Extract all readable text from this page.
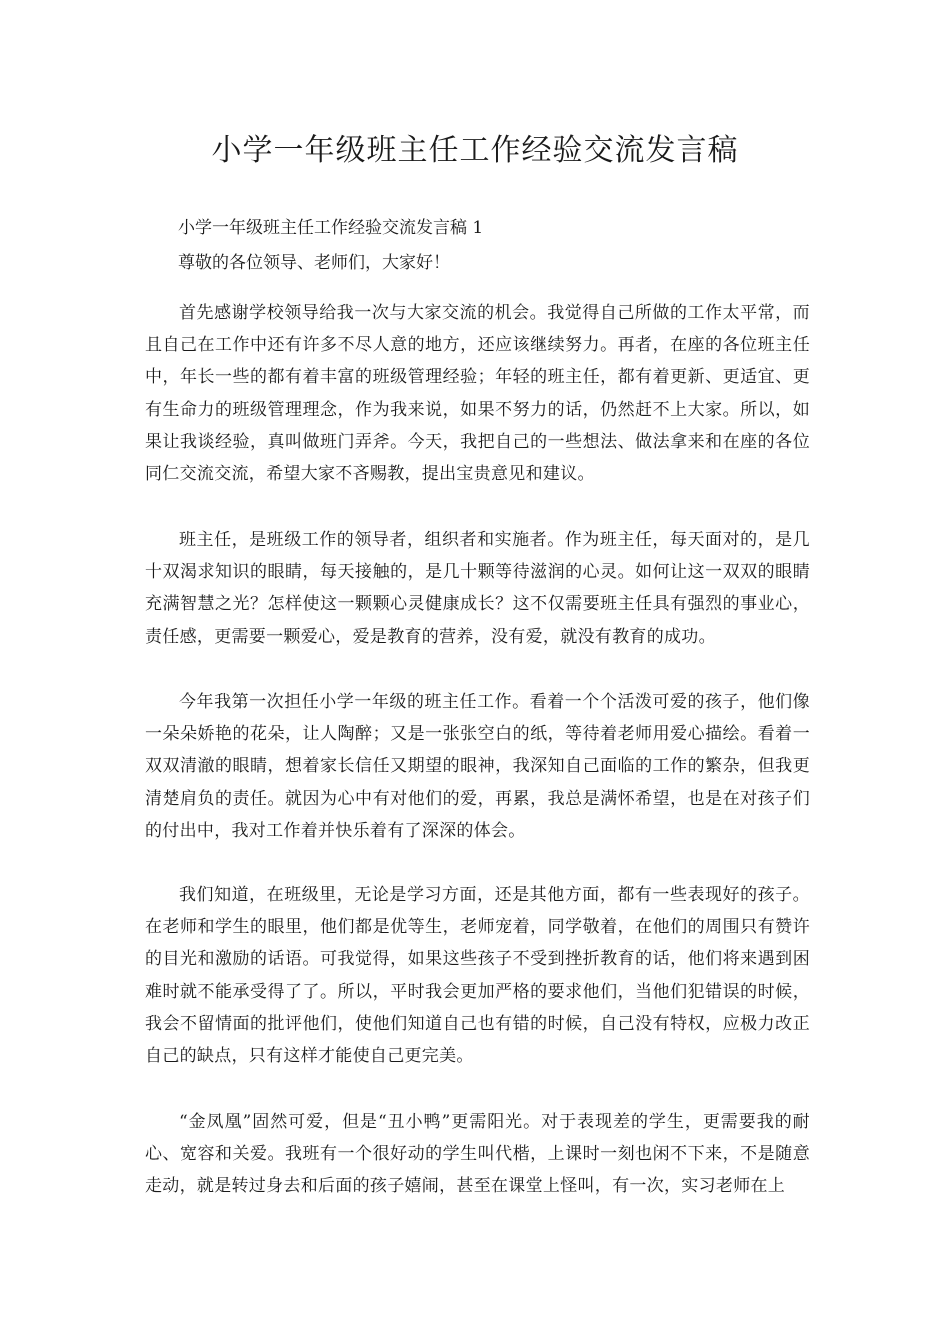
小学一年级班主任工作经验交流发言稿

小学一年级班主任工作经验交流发言稿 1

尊敬的各位领导、老师们，大家好！

首先感谢学校领导给我一次与大家交流的机会。我觉得自己所做的工作太平常，而且自己在工作中还有许多不尽人意的地方，还应该继续努力。再者，在座的各位班主任中，年长一些的都有着丰富的班级管理经验；年轻的班主任，都有着更新、更适宜、更有生命力的班级管理理念，作为我来说，如果不努力的话，仍然赶不上大家。所以，如果让我谈经验，真叫做班门弄斧。今天，我把自己的一些想法、做法拿来和在座的各位同仁交流交流，希望大家不吝赐教，提出宝贵意见和建议。

班主任，是班级工作的领导者，组织者和实施者。作为班主任，每天面对的，是几十双渴求知识的眼睛，每天接触的，是几十颗等待滋润的心灵。如何让这一双双的眼睛充满智慧之光？怎样使这一颗颗心灵健康成长？这不仅需要班主任具有强烈的事业心，责任感，更需要一颗爱心，爱是教育的营养，没有爱，就没有教育的成功。

今年我第一次担任小学一年级的班主任工作。看着一个个活泼可爱的孩子，他们像一朵朵娇艳的花朵，让人陶醉；又是一张张空白的纸，等待着老师用爱心描绘。看着一双双清澈的眼睛，想着家长信任又期望的眼神，我深知自己面临的工作的繁杂，但我更清楚肩负的责任。就因为心中有对他们的爱，再累，我总是满怀希望，也是在对孩子们的付出中，我对工作着并快乐着有了深深的体会。

我们知道，在班级里，无论是学习方面，还是其他方面，都有一些表现好的孩子。在老师和学生的眼里，他们都是优等生，老师宠着，同学敬着，在他们的周围只有赞许的目光和激励的话语。可我觉得，如果这些孩子不受到挫折教育的话，他们将来遇到困难时就不能承受得了了。所以，平时我会更加严格的要求他们，当他们犯错误的时候，我会不留情面的批评他们，使他们知道自己也有错的时候，自己没有特权，应极力改正自己的缺点，只有这样才能使自己更完美。

“金凤凰”固然可爱，但是“丑小鸭”更需阳光。对于表现差的学生，更需要我的耐心、宽容和关爱。我班有一个很好动的学生叫代楷，上课时一刻也闲不下来，不是随意走动，就是转过身去和后面的孩子嬉闹，甚至在课堂上怪叫，有一次，实习老师在上
